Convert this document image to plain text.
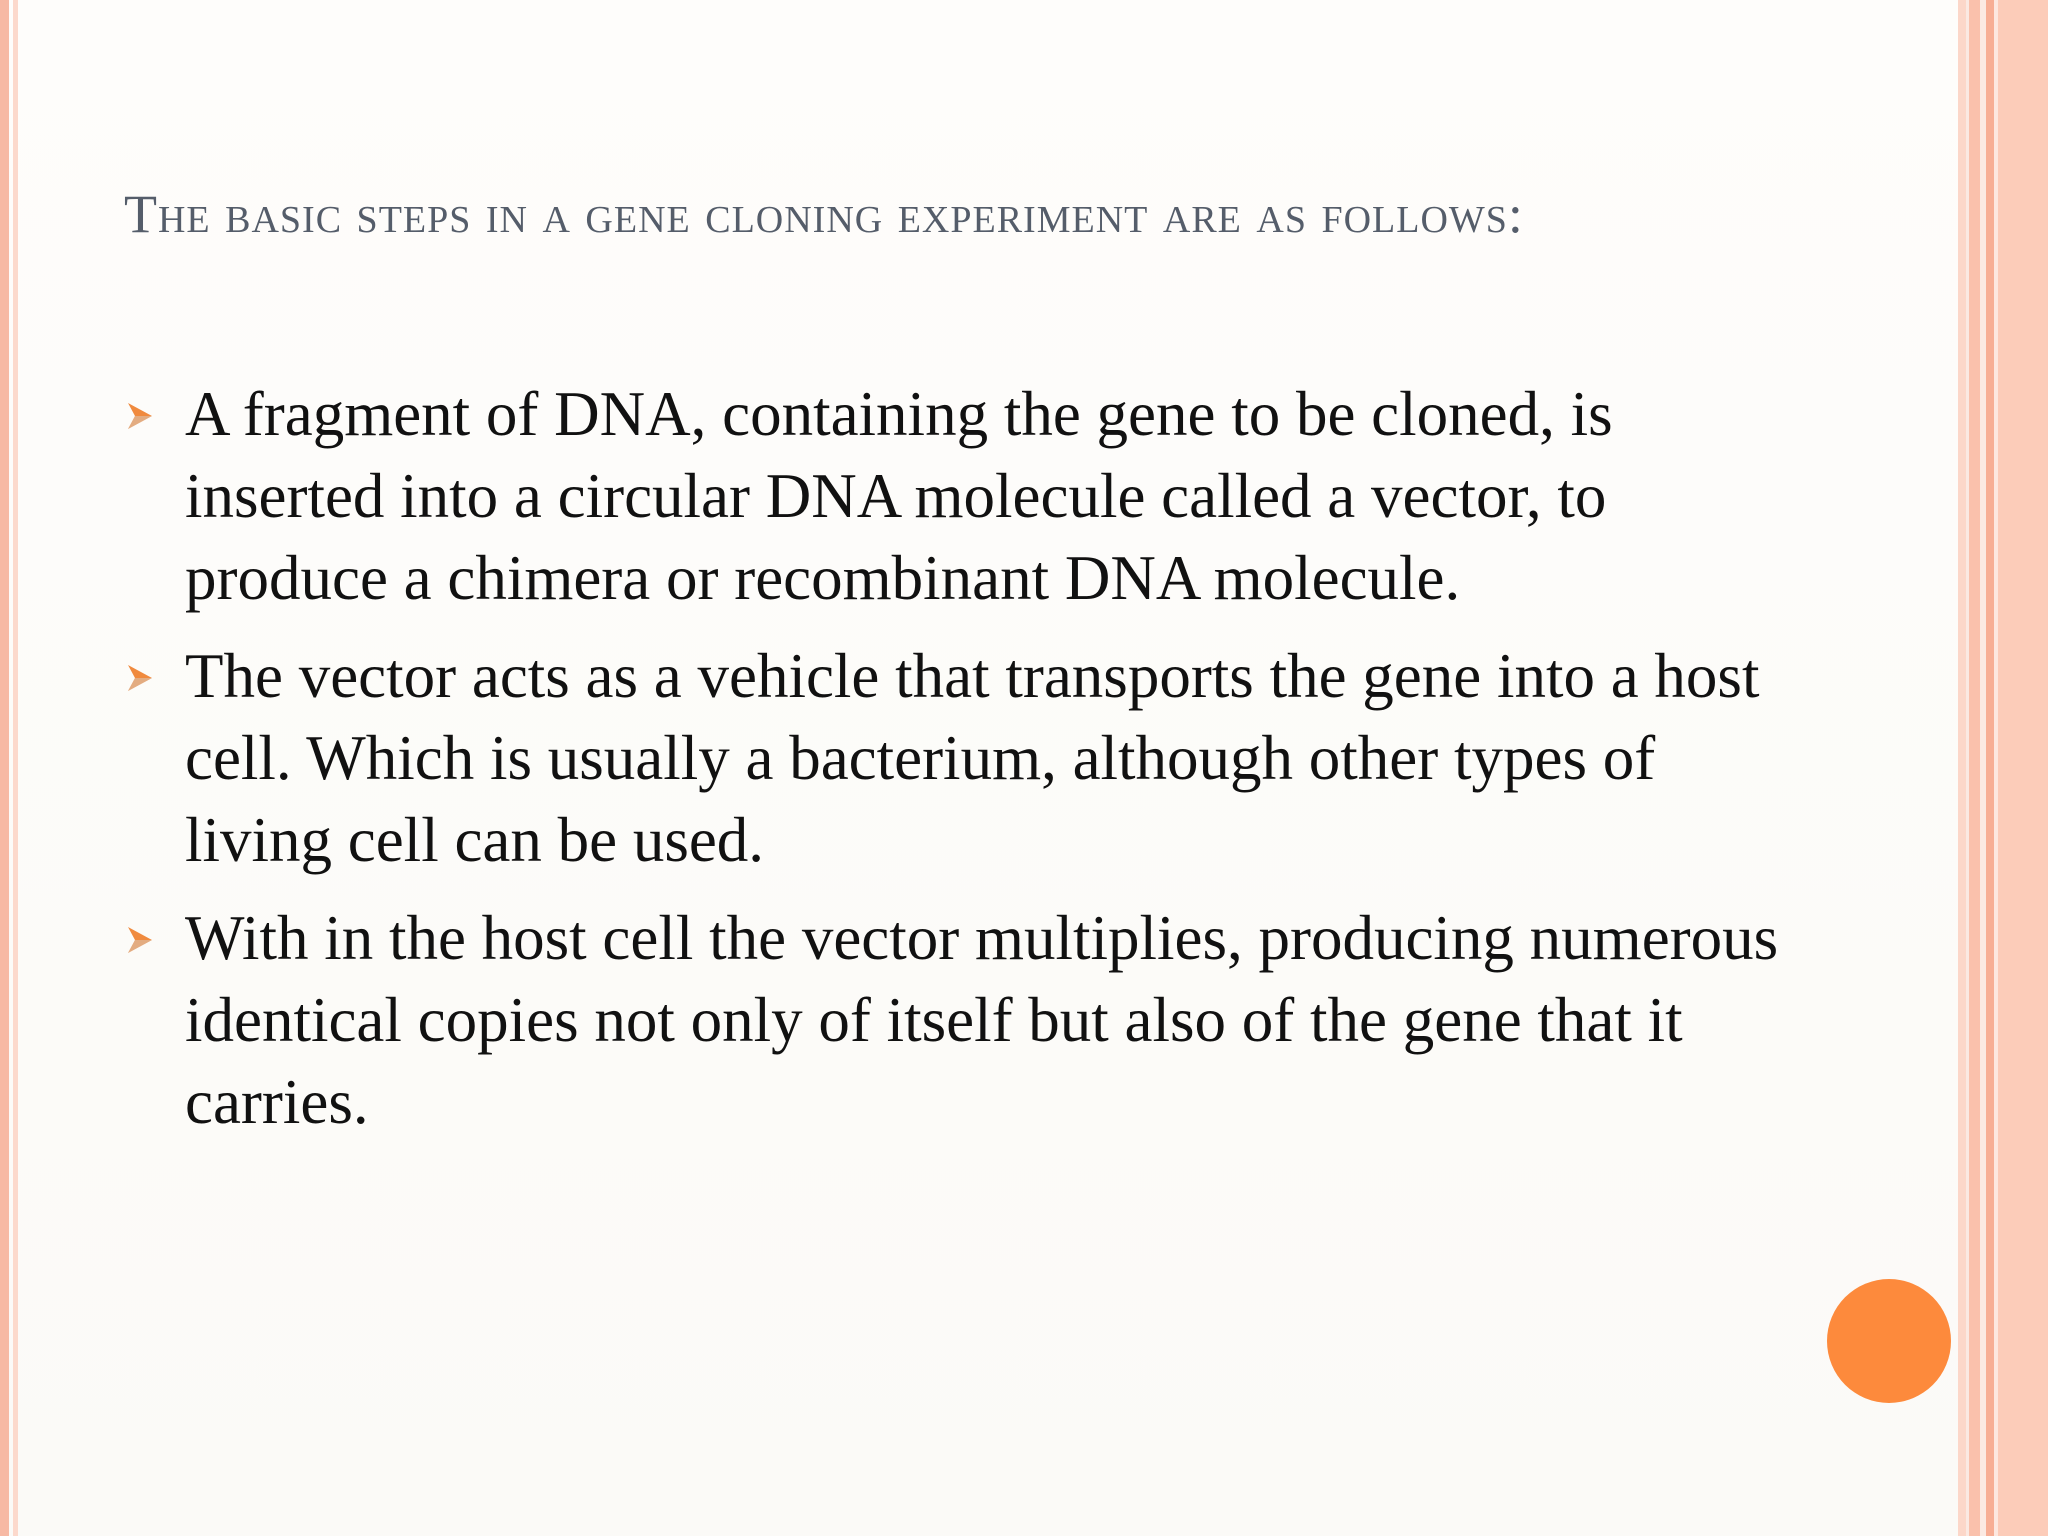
The basic steps in a gene cloning experiment are as follows:
A fragment of DNA, containing the gene to be cloned, is inserted into a circular DNA molecule called a vector, to produce a chimera or recombinant DNA molecule.
The vector acts as a vehicle that transports the gene into a host cell. Which is usually a bacterium, although other types of living cell can be used.
With in the host cell the vector multiplies, producing numerous identical copies not only of itself but also of the gene that it carries.
